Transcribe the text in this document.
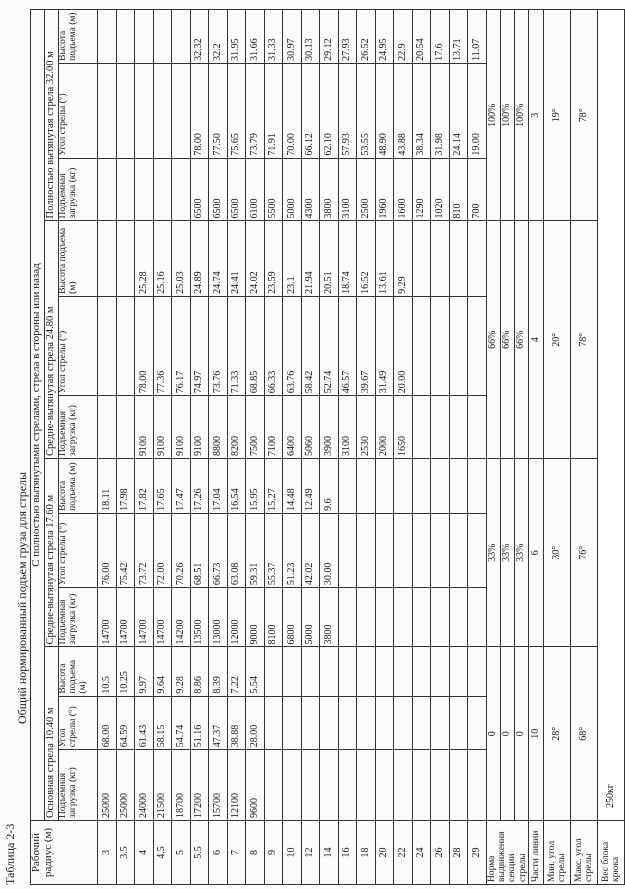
Таблица 2-3
Общий нормированный подъем груза для стрелы
Рабочий радиус (м)	С полностью вытянутыми стрелами, стрела в стороны или назад											
	Основная стрела 10.40 м			Средне-вытянутая стрела 17.60 м			Средне-вытянутая стрела 24.80 м			Полностью вытянутая стрела 32.00 м		
	Подъемная загрузка (кг)	Угол стрелы (°)	Высота подъема (м)	Подъемная загрузка (кг)	Угол стрелы (°)	Высота подъема (м)	Подъемная загрузка (кг)	Угол стрелы (°)	Высота подъема (м)	Подъемная загрузка (кг)	Угол стрелы (°)	Высота подъема (м)
3	25000	68.00	10.5	14700	76.00	18.11						
3.5	25000	64.59	10.25	14700	75.42	17.98						
4	24000	61.43	9.97	14700	73.72	17.82	9100	78.00	25.28			
4.5	21500	58.15	9.64	14700	72.00	17.65	9100	77.36	25.16			
5	18700	54.74	9.28	14200	70.26	17.47	9100	76.17	25.03			
5.5	17200	51.16	8.86	13500	68.51	17.26	9100	74.97	24.89	6500	78.00	32.32
6	15700	47.37	8.39	13000	66.73	17.04	8800	73.76	24.74	6500	77.50	32.2
7	12100	38.88	7.22	12000	63.08	16.54	8200	71.33	24.41	6500	75.65	31.95
8	9600	28.00	5.54	9000	59.31	15.95	7500	68.85	24.02	6100	73.79	31.66
9				8100	55.37	15.27	7100	66.33	23.59	5500	71.91	31.33
10				6800	51.23	14.48	6400	63.76	23.1	5000	70.00	30.97
12				5000	42.02	12.49	5060	58.42	21.94	4300	66.12	30.13
14				3800	30.00	9.6	3900	52.74	20.51	3800	62.10	29.12
16							3100	46.57	18.74	3100	57.93	27.93
18							2530	39.67	16.52	2500	53.55	26.52
20							2000	31.49	13.61	1960	48.90	24.95
22							1650	20.00	9.29	1600	43.88	22.9
24										1290	38.34	20.54
26										1020	31.98	17.6
28										810	24.14	13.71
29										700	19.00	11.07
Норма выдвижения секции стрелы	0			33%			66%			100%		
	0			33%			66%			100%		
	0			33%			66%			100%		
Части линии	10			6			4			3		
Мин. угол стрелы	28°			30°			20°			19°		
Макс. угол стрелы	68°			76°			78°			78°		
Вес блока крюка	250кг											
